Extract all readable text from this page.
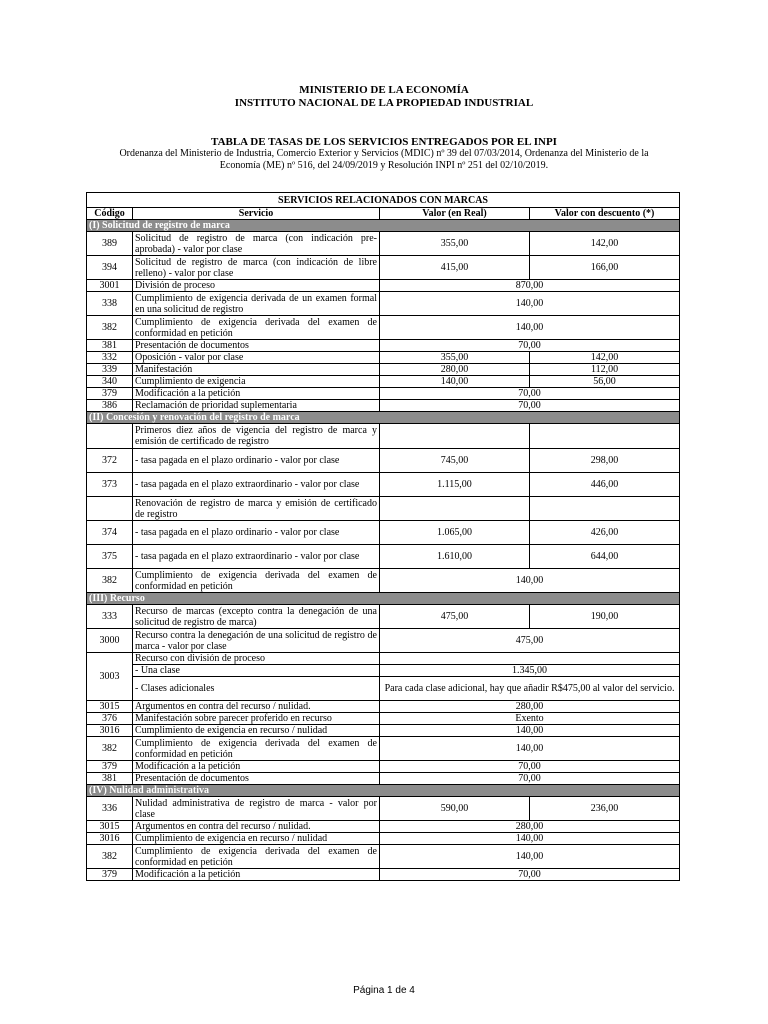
MINISTERIO DE LA ECONOMÍA
INSTITUTO NACIONAL DE LA PROPIEDAD INDUSTRIAL
TABLA DE TASAS DE LOS SERVICIOS ENTREGADOS POR EL INPI
Ordenanza del Ministerio de Industria, Comercio Exterior y Servicios (MDIC) nº 39 del 07/03/2014, Ordenanza del Ministerio de la Economía (ME) nº 516, del 24/09/2019 y Resolución INPI nº 251 del 02/10/2019.
SERVICIOS RELACIONADOS CON MARCAS			
Código	Servicio	Valor (en Real)	Valor con descuento (*)
(I) Solicitud de registro de marca			
389	Solicitud de registro de marca (con indicación pre-aprobada) - valor por clase	355,00	142,00
394	Solicitud de registro de marca (con indicación de libre relleno) - valor por clase	415,00	166,00
3001	División de proceso	870,00	
338	Cumplimiento de exigencia derivada de un examen formal en una solicitud de registro	140,00	
382	Cumplimiento de exigencia derivada del examen de conformidad en petición	140,00	
381	Presentación de documentos	70,00	
332	Oposición - valor por clase	355,00	142,00
339	Manifestación	280,00	112,00
340	Cumplimiento de exigencia	140,00	56,00
379	Modificación a la petición	70,00	
386	Reclamación de prioridad suplementaria	70,00	
(II) Concesión y renovación del registro de marca			
	Primeros diez años de vigencia del registro de marca y emisión de certificado de registro		
372	- tasa pagada en el plazo ordinario - valor por clase	745,00	298,00
373	- tasa pagada en el plazo extraordinario - valor por clase	1.115,00	446,00
	Renovación de registro de marca y emisión de certificado de registro		
374	- tasa pagada en el plazo ordinario - valor por clase	1.065,00	426,00
375	- tasa pagada en el plazo extraordinario - valor por clase	1.610,00	644,00
382	Cumplimiento de exigencia derivada del examen de conformidad en petición	140,00	
(III) Recurso			
333	Recurso de marcas (excepto contra la denegación de una solicitud de registro de marca)	475,00	190,00
3000	Recurso contra la denegación de una solicitud de registro de marca - valor por clase	475,00	
3003	Recurso con división de proceso		
	- Una clase	1.345,00	
	- Clases adicionales	Para cada clase adicional, hay que añadir R$475,00 al valor del servicio.	
3015	Argumentos en contra del recurso / nulidad.	280,00	
376	Manifestación sobre parecer proferido en recurso	Exento	
3016	Cumplimiento de exigencia en recurso / nulidad	140,00	
382	Cumplimiento de exigencia derivada del examen de conformidad en petición	140,00	
379	Modificación a la petición	70,00	
381	Presentación de documentos	70,00	
(IV) Nulidad administrativa			
336	Nulidad administrativa de registro de marca - valor por clase	590,00	236,00
3015	Argumentos en contra del recurso / nulidad.	280,00	
3016	Cumplimiento de exigencia en recurso / nulidad	140,00	
382	Cumplimiento de exigencia derivada del examen de conformidad en petición	140,00	
379	Modificación a la petición	70,00	
Página 1 de 4
